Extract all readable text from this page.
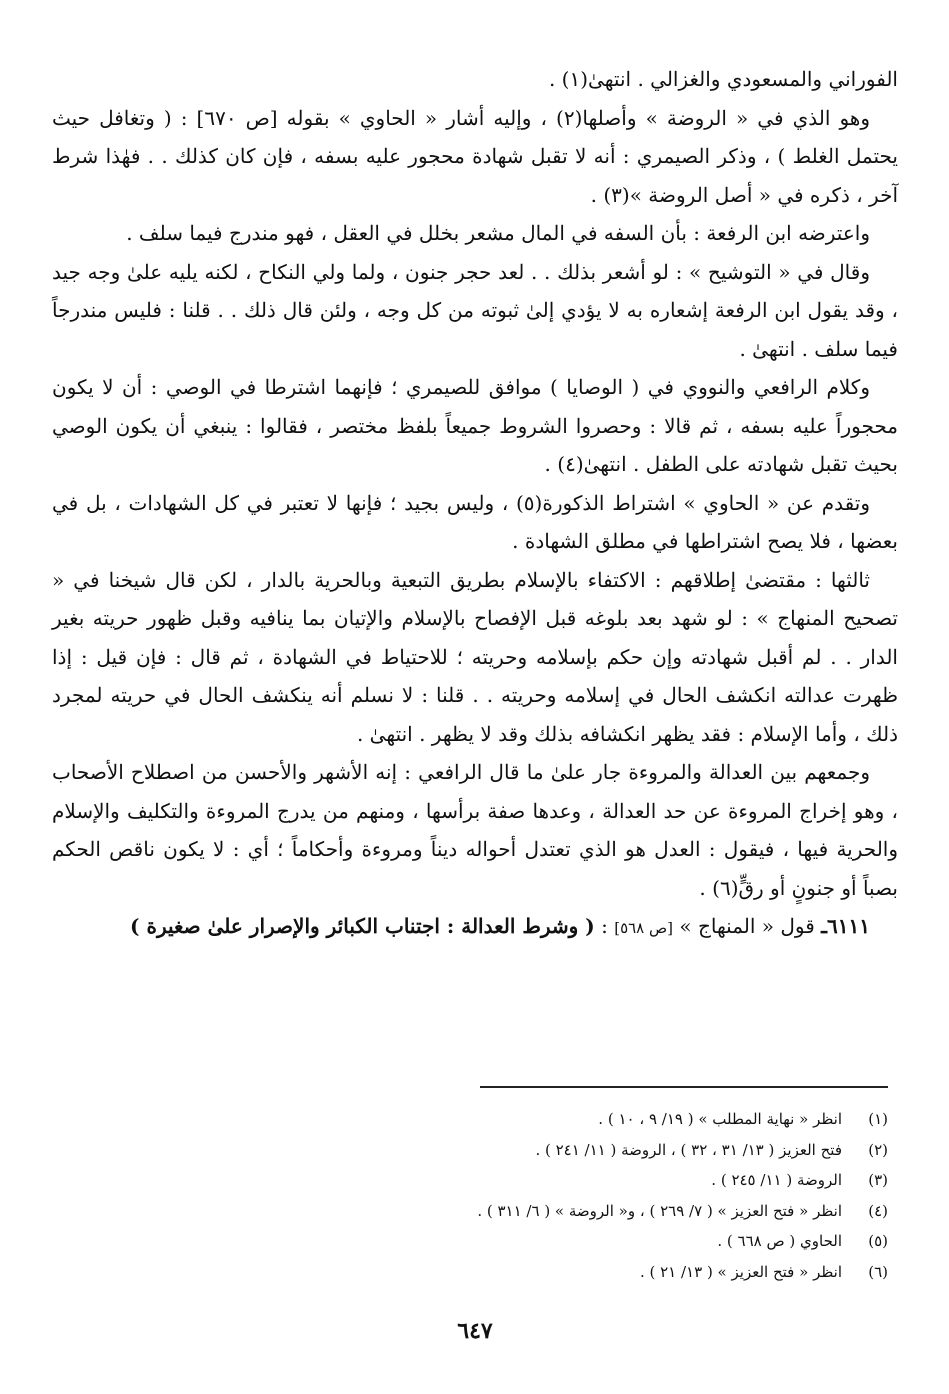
الفوراني والمسعودي والغزالي . انتهىٰ(١) .

وهو الذي في « الروضة » وأصلها(٢) ، وإليه أشار « الحاوي » بقوله [ص ٦٧٠] : ( وتغافل حيث يحتمل الغلط ) ، وذكر الصيمري : أنه لا تقبل شهادة محجور عليه بسفه ، فإن كان كذلك . . فهٰذا شرط آخر ، ذكره في « أصل الروضة »(٣) .

واعترضه ابن الرفعة : بأن السفه في المال مشعر بخلل في العقل ، فهو مندرج فيما سلف .

وقال في « التوشيح » : لو أشعر بذلك . . لعد حجر جنون ، ولما ولي النكاح ، لكنه يليه علىٰ وجه جيد ، وقد يقول ابن الرفعة إشعاره به لا يؤدي إلىٰ ثبوته من كل وجه ، ولئن قال ذلك . . قلنا : فليس مندرجاً فيما سلف . انتهىٰ .

وكلام الرافعي والنووي في ( الوصايا ) موافق للصيمري ؛ فإنهما اشترطا في الوصي : أن لا يكون محجوراً عليه بسفه ، ثم قالا : وحصروا الشروط جميعاً بلفظ مختصر ، فقالوا : ينبغي أن يكون الوصي بحيث تقبل شهادته على الطفل . انتهىٰ(٤) .

وتقدم عن « الحاوي » اشتراط الذكورة(٥) ، وليس بجيد ؛ فإنها لا تعتبر في كل الشهادات ، بل في بعضها ، فلا يصح اشتراطها في مطلق الشهادة .

ثالثها : مقتضىٰ إطلاقهم : الاكتفاء بالإسلام بطريق التبعية وبالحرية بالدار ، لكن قال شيخنا في « تصحيح المنهاج » : لو شهد بعد بلوغه قبل الإفصاح بالإسلام والإتيان بما ينافيه وقبل ظهور حريته بغير الدار . . لم أقبل شهادته وإن حكم بإسلامه وحريته ؛ للاحتياط في الشهادة ، ثم قال : فإن قيل : إذا ظهرت عدالته انكشف الحال في إسلامه وحريته . . قلنا : لا نسلم أنه ينكشف الحال في حريته لمجرد ذلك ، وأما الإسلام : فقد يظهر انكشافه بذلك وقد لا يظهر . انتهىٰ .

وجمعهم بين العدالة والمروءة جار علىٰ ما قال الرافعي : إنه الأشهر والأحسن من اصطلاح الأصحاب ، وهو إخراج المروءة عن حد العدالة ، وعدها صفة برأسها ، ومنهم من يدرج المروءة والتكليف والإسلام والحرية فيها ، فيقول : العدل هو الذي تعتدل أحواله ديناً ومروءة وأحكاماً ؛ أي : لا يكون ناقص الحكم بصباً أو جنونٍ أو رقٍّ(٦) .

٦١١١ـ قول « المنهاج » [ص ٥٦٨] : ( وشرط العدالة : اجتناب الكبائر والإصرار علىٰ صغيرة )

(١)
انظر « نهاية المطلب » ( ١٩/ ٩ ، ١٠ ) .
(٢)
فتح العزيز ( ١٣/ ٣١ ، ٣٢ ) ، الروضة ( ١١/ ٢٤١ ) .
(٣)
الروضة ( ١١/ ٢٤٥ ) .
(٤)
انظر « فتح العزيز » ( ٧/ ٢٦٩ ) ، و« الروضة » ( ٦/ ٣١١ ) .
(٥)
الحاوي ( ص ٦٦٨ ) .
(٦)
انظر « فتح العزيز » ( ١٣/ ٢١ ) .
٦٤٧
